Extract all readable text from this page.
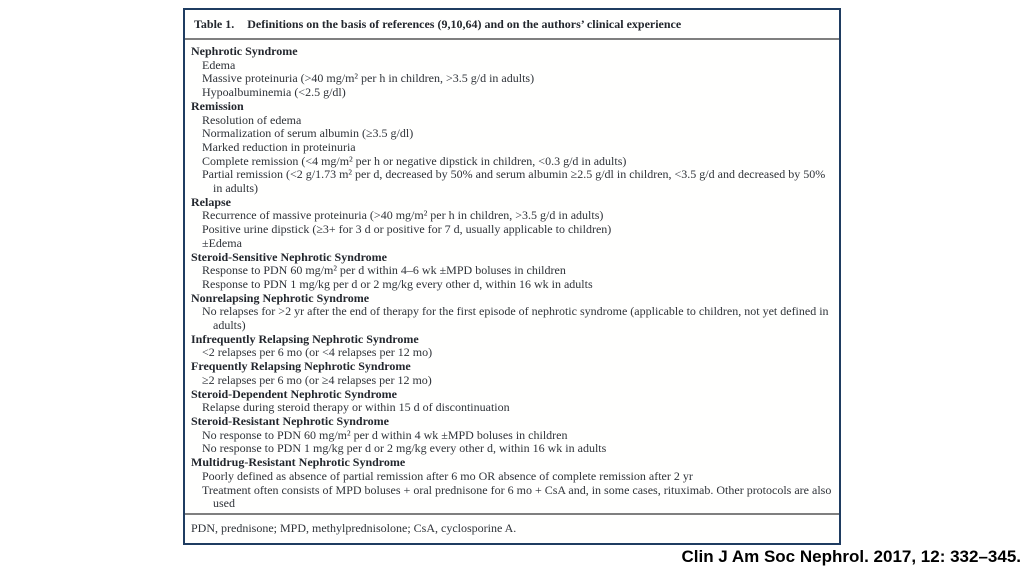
Table 1. Definitions on the basis of references (9,10,64) and on the authors’ clinical experience
Nephrotic Syndrome
Edema
Massive proteinuria (>40 mg/m² per h in children, >3.5 g/d in adults)
Hypoalbuminemia (<2.5 g/dl)
Remission
Resolution of edema
Normalization of serum albumin (≥3.5 g/dl)
Marked reduction in proteinuria
Complete remission (<4 mg/m² per h or negative dipstick in children, <0.3 g/d in adults)
Partial remission (<2 g/1.73 m² per d, decreased by 50% and serum albumin ≥2.5 g/dl in children, <3.5 g/d and decreased by 50% in adults)
Relapse
Recurrence of massive proteinuria (>40 mg/m² per h in children, >3.5 g/d in adults)
Positive urine dipstick (≥3+ for 3 d or positive for 7 d, usually applicable to children)
±Edema
Steroid-Sensitive Nephrotic Syndrome
Response to PDN 60 mg/m² per d within 4–6 wk ±MPD boluses in children
Response to PDN 1 mg/kg per d or 2 mg/kg every other d, within 16 wk in adults
Nonrelapsing Nephrotic Syndrome
No relapses for >2 yr after the end of therapy for the first episode of nephrotic syndrome (applicable to children, not yet defined in adults)
Infrequently Relapsing Nephrotic Syndrome
<2 relapses per 6 mo (or <4 relapses per 12 mo)
Frequently Relapsing Nephrotic Syndrome
≥2 relapses per 6 mo (or ≥4 relapses per 12 mo)
Steroid-Dependent Nephrotic Syndrome
Relapse during steroid therapy or within 15 d of discontinuation
Steroid-Resistant Nephrotic Syndrome
No response to PDN 60 mg/m² per d within 4 wk ±MPD boluses in children
No response to PDN 1 mg/kg per d or 2 mg/kg every other d, within 16 wk in adults
Multidrug-Resistant Nephrotic Syndrome
Poorly defined as absence of partial remission after 6 mo OR absence of complete remission after 2 yr
Treatment often consists of MPD boluses + oral prednisone for 6 mo + CsA and, in some cases, rituximab. Other protocols are also used
PDN, prednisone; MPD, methylprednisolone; CsA, cyclosporine A.
Clin J Am Soc Nephrol. 2017, 12: 332–345.
